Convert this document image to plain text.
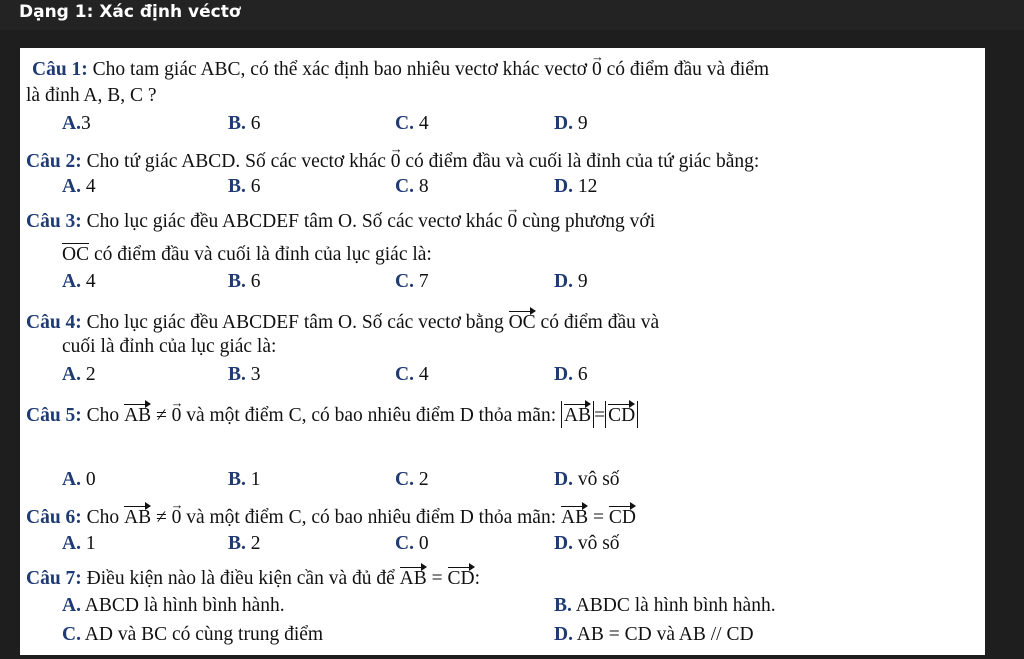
Dạng 1: Xác định véctơ
Câu 1: Cho tam giác ABC, có thể xác định bao nhiêu vectơ khác vectơ → 0 có điểm đầu và điểm
là đỉnh A, B, C ?
A.3	B. 6	C. 4	D. 9
Câu 2: Cho tứ giác ABCD. Số các vectơ khác → 0 có điểm đầu và cuối là đỉnh của tứ giác bằng:
A. 4	B. 6	C. 8	D. 12
Câu 3: Cho lục giác đều ABCDEF tâm O. Số các vectơ khác → 0 cùng phương với
OC có điểm đầu và cuối là đỉnh của lục giác là:
A. 4	B. 6	C. 7	D. 9
Câu 4: Cho lục giác đều ABCDEF tâm O. Số các vectơ bằng OC có điểm đầu và
cuối là đỉnh của lục giác là:
A. 2	B. 3	C. 4	D. 6
Câu 5: Cho AB ≠ → 0 và một điểm C, có bao nhiêu điểm D thỏa mãn: AB = CD
A. 0	B. 1	C. 2	D. vô số
Câu 6: Cho AB ≠ → 0 và một điểm C, có bao nhiêu điểm D thỏa mãn: AB = CD
A. 1	B. 2	C. 0	D. vô số
Câu 7: Điều kiện nào là điều kiện cần và đủ để AB = CD:
A. ABCD là hình bình hành.	B. ABDC là hình bình hành.
C. AD và BC có cùng trung điểm	D. AB = CD và AB // CD
